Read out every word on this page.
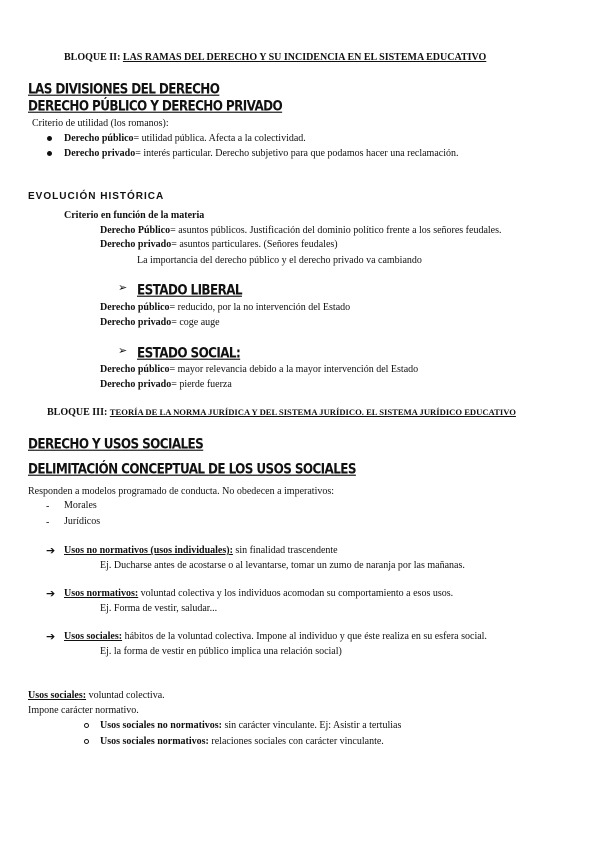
BLOQUE II: LAS RAMAS DEL DERECHO Y SU INCIDENCIA EN EL SISTEMA EDUCATIVO
LAS DIVISIONES DEL DERECHO
DERECHO PÚBLICO Y DERECHO PRIVADO
Criterio de utilidad (los romanos):
Derecho público= utilidad pública. Afecta a la colectividad.
Derecho privado= interés particular. Derecho subjetivo para que podamos hacer una reclamación.
EVOLUCIÓN HISTÓRICA
Criterio en función de la materia
Derecho Público= asuntos públicos. Justificación del dominio político frente a los señores feudales.
Derecho privado= asuntos particulares. (Señores feudales)
La importancia del derecho público y el derecho privado va cambiando
➢ ESTADO LIBERAL
Derecho público= reducido, por la no intervención del Estado
Derecho privado= coge auge
➢ ESTADO SOCIAL:
Derecho público= mayor relevancia debido a la mayor intervención del Estado
Derecho privado= pierde fuerza
BLOQUE III: TEORÍA DE LA NORMA JURÍDICA Y DEL SISTEMA JURÍDICO. EL SISTEMA JURÍDICO EDUCATIVO
DERECHO Y USOS SOCIALES
DELIMITACIÓN CONCEPTUAL DE LOS USOS SOCIALES
Responden a modelos programado de conducta. No obedecen a imperativos:
- Morales
- Jurídicos
➔ Usos no normativos (usos individuales): sin finalidad trascendente
Ej. Ducharse antes de acostarse o al levantarse, tomar un zumo de naranja por las mañanas.
➔ Usos normativos: voluntad colectiva y los individuos acomodan su comportamiento a esos usos.
Ej. Forma de vestir, saludar...
➔ Usos sociales: hábitos de la voluntad colectiva. Impone al individuo y que éste realiza en su esfera social.
Ej. la forma de vestir en público implica una relación social)
Usos sociales: voluntad colectiva.
Impone carácter normativo.
Usos sociales no normativos: sin carácter vinculante. Ej: Asistir a tertulias
Usos sociales normativos: relaciones sociales con carácter vinculante.
